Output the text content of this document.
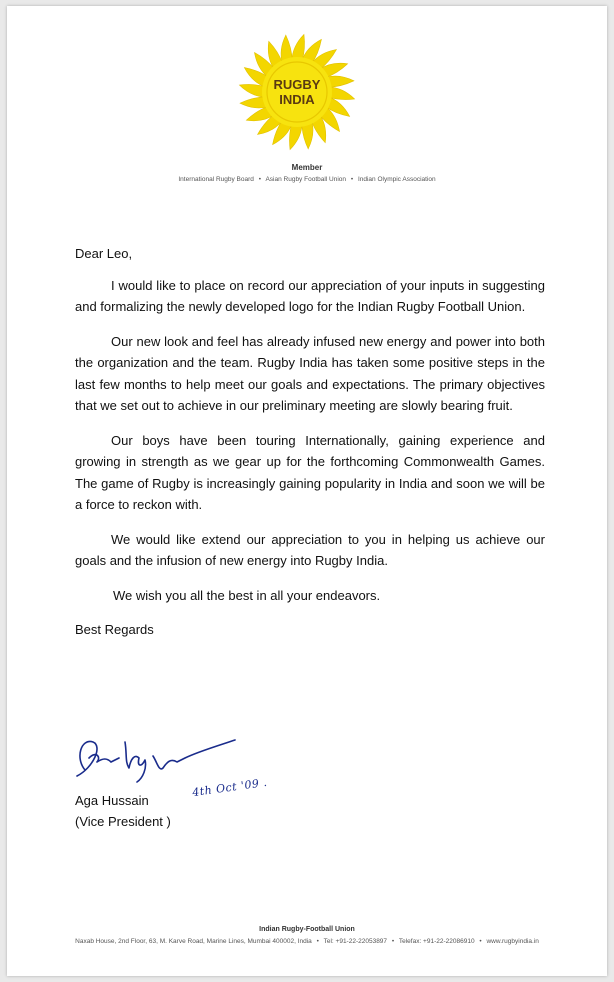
RUGBY
INDIA
Member
International Rugby Board • Asian Rugby Football Union • Indian Olympic Association

Dear Leo,

I would like to place on record our appreciation of your inputs in suggesting and formalizing the newly developed logo for the Indian Rugby Football Union.

Our new look and feel has already infused new energy and power into both the organization and the team. Rugby India has taken some positive steps in the last few months to help meet our goals and expectations. The primary objectives that we set out to achieve in our preliminary meeting are slowly bearing fruit.

Our boys have been touring Internationally, gaining experience and growing in strength as we gear up for the forthcoming Commonwealth Games. The game of Rugby is increasingly gaining popularity in India and soon we will be a force to reckon with.

We would like extend our appreciation to you in helping us achieve our goals and the infusion of new energy into Rugby India.

We wish you all the best in all your endeavors.

Best Regards

4th Oct '09 .
Aga Hussain
(Vice President )
Indian Rugby-Football Union
Naxab House, 2nd Floor, 63, M. Karve Road, Marine Lines, Mumbai 400002, India • Tel: +91-22-22053897 • Telefax: +91-22-22086910 • www.rugbyindia.in
